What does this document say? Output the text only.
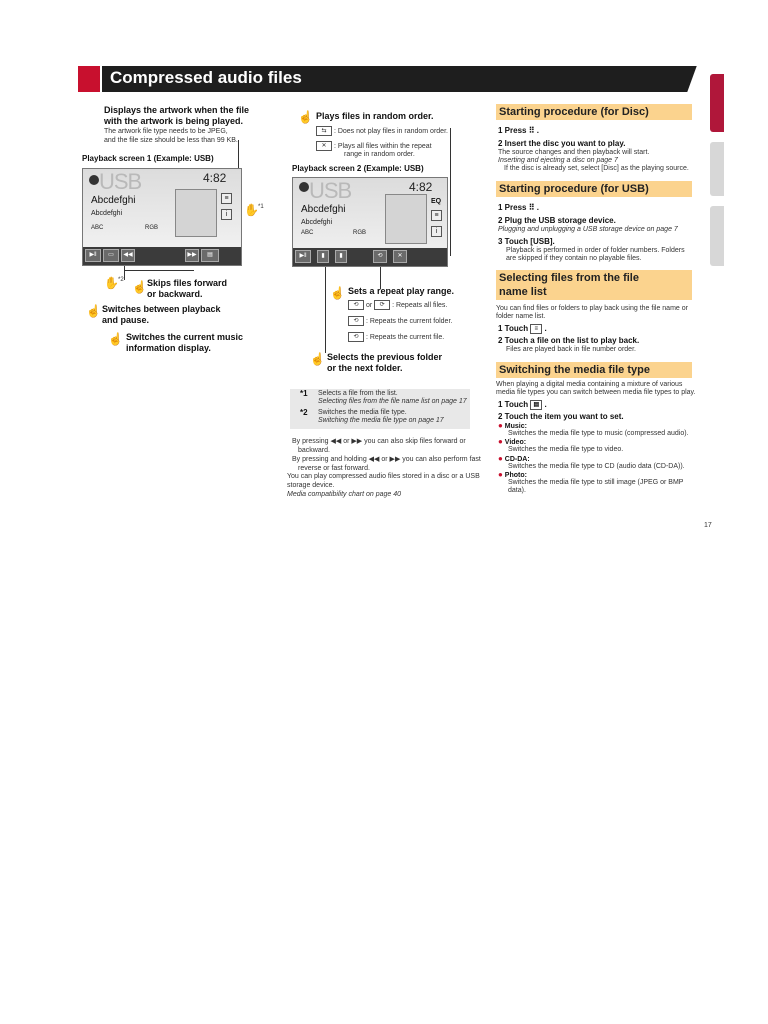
Compressed audio files
Displays the artwork when the file
with the artwork is being played.
The artwork file type needs to be JPEG,
and the file size should be less than 99 KB.
Playback screen 1 (Example: USB)
USB	4:82
Abcdefghi
Abcdefghi
ABC	RGB
≡
i
▶‖	▭	◀◀	▶▶	▤
✋ *1
✋ *2 ☝ Skips files forward
or backward.
☝ Switches between playback
and pause.
☝ Switches the current music
information display.
☝ Plays files in random order.
⇆ : Does not play files in random order.
✕ : Plays all files within the repeat
range in random order.
Playback screen 2 (Example: USB)
USB	4:82
Abcdefghi
Abcdefghi
ABC	RGB
EQ
≡
i
▶‖	▮	▮	⟲	✕
☝ Sets a repeat play range.
⟲ or ⟳ : Repeats all files.
⟲ : Repeats the current folder.
⟲ : Repeats the current file.
☝ Selects the previous folder
or the next folder.
*1 Selects a file from the list.
Selecting files from the file name list on page 17
*2 Switches the media file type.
Switching the media file type on page 17
By pressing ◀◀ or ▶▶ you can also skip files forward or
backward.
By pressing and holding ◀◀ or ▶▶ you can also perform fast
reverse or fast forward.
You can play compressed audio files stored in a disc or a USB
storage device.
Media compatibility chart on page 40
Starting procedure (for Disc)
1 Press ⠿ .
2 Insert the disc you want to play.
The source changes and then playback will start.
Inserting and ejecting a disc on page 7
If the disc is already set, select [Disc] as the playing source.
Starting procedure (for USB)
1 Press ⠿ .
2 Plug the USB storage device.
Plugging and unplugging a USB storage device on page 7
3 Touch [USB].
Playback is performed in order of folder numbers. Folders
are skipped if they contain no playable files.
Selecting files from the file
name list
You can find files or folders to play back using the file name or
folder name list.
1 Touch ≡ .
2 Touch a file on the list to play back.
Files are played back in file number order.
Switching the media file type
When playing a digital media containing a mixture of various
media file types you can switch between media file types to play.
1 Touch ▤ .
2 Touch the item you want to set.
● Music:
Switches the media file type to music (compressed audio).
● Video:
Switches the media file type to video.
● CD-DA:
Switches the media file type to CD (audio data (CD-DA)).
● Photo:
Switches the media file type to still image (JPEG or BMP
data).
17
